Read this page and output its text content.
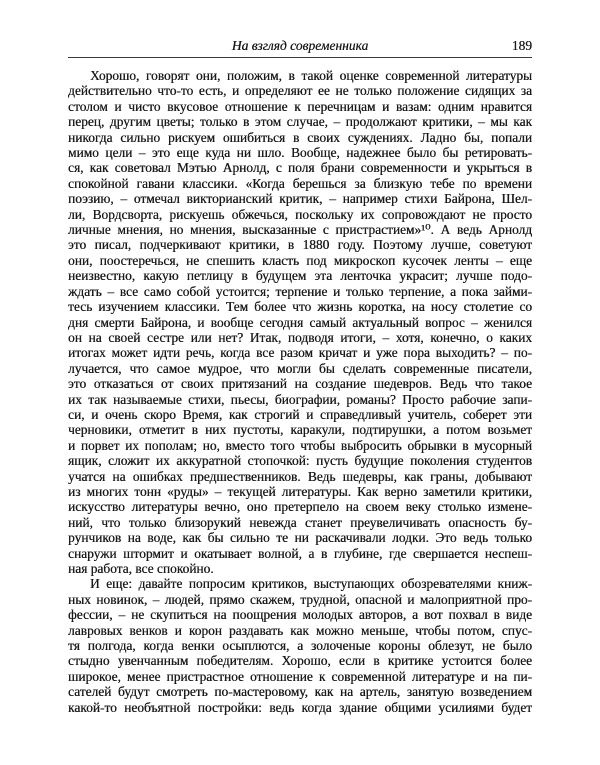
На взгляд современника	189
Хорошо, говорят они, положим, в такой оценке современной литературы
действительно что-то есть, и определяют ее не только положение сидящих за
столом и чисто вкусовое отношение к перечницам и вазам: одним нравится
перец, другим цветы; только в этом случае, – продолжают критики, – мы как
никогда сильно рискуем ошибиться в своих суждениях. Ладно бы, попали
мимо цели – это еще куда ни шло. Вообще, надежнее было бы ретировать-
ся, как советовал Мэтью Арнолд, с поля брани современности и укрыться в
спокойной гавани классики. «Когда берешься за близкую тебе по времени
поэзию, – отмечал викторианский критик, – например стихи Байрона, Шел-
ли, Вордсворта, рискуешь обжечься, поскольку их сопровождают не просто
личные мнения, но мнения, высказанные с пристрастием»¹⁰. А ведь Арнолд
это писал, подчеркивают критики, в 1880 году. Поэтому лучше, советуют
они, поостеречься, не спешить класть под микроскоп кусочек ленты – еще
неизвестно, какую петлицу в будущем эта ленточка украсит; лучше подо-
ждать – все само собой устоится; терпение и только терпение, а пока займи-
тесь изучением классики. Тем более что жизнь коротка, на носу столетие со
дня смерти Байрона, и вообще сегодня самый актуальный вопрос – женился
он на своей сестре или нет? Итак, подводя итоги, – хотя, конечно, о каких
итогах может идти речь, когда все разом кричат и уже пора выходить? – по-
лучается, что самое мудрое, что могли бы сделать современные писатели,
это отказаться от своих притязаний на создание шедевров. Ведь что такое
их так называемые стихи, пьесы, биографии, романы? Просто рабочие запи-
си, и очень скоро Время, как строгий и справедливый учитель, соберет эти
черновики, отметит в них пустоты, каракули, подтирушки, а потом возьмет
и порвет их пополам; но, вместо того чтобы выбросить обрывки в мусорный
ящик, сложит их аккуратной стопочкой: пусть будущие поколения студентов
учатся на ошибках предшественников. Ведь шедевры, как граны, добывают
из многих тонн «руды» – текущей литературы. Как верно заметили критики,
искусство литературы вечно, оно претерпело на своем веку столько измене-
ний, что только близорукий невежда станет преувеличивать опасность бу-
рунчиков на воде, как бы сильно те ни раскачивали лодки. Это ведь только
снаружи штормит и окатывает волной, а в глубине, где свершается неспеш-
ная работа, все спокойно.
И еще: давайте попросим критиков, выступающих обозревателями книж-
ных новинок, – людей, прямо скажем, трудной, опасной и малоприятной про-
фессии, – не скупиться на поощрения молодых авторов, а вот похвал в виде
лавровых венков и корон раздавать как можно меньше, чтобы потом, спус-
тя полгода, когда венки осыплются, а золоченые короны облезут, не было
стыдно увенчанным победителям. Хорошо, если в критике устоится более
широкое, менее пристрастное отношение к современной литературе и на пи-
сателей будут смотреть по-мастеровому, как на артель, занятую возведением
какой-то необъятной постройки: ведь когда здание общими усилиями будет
